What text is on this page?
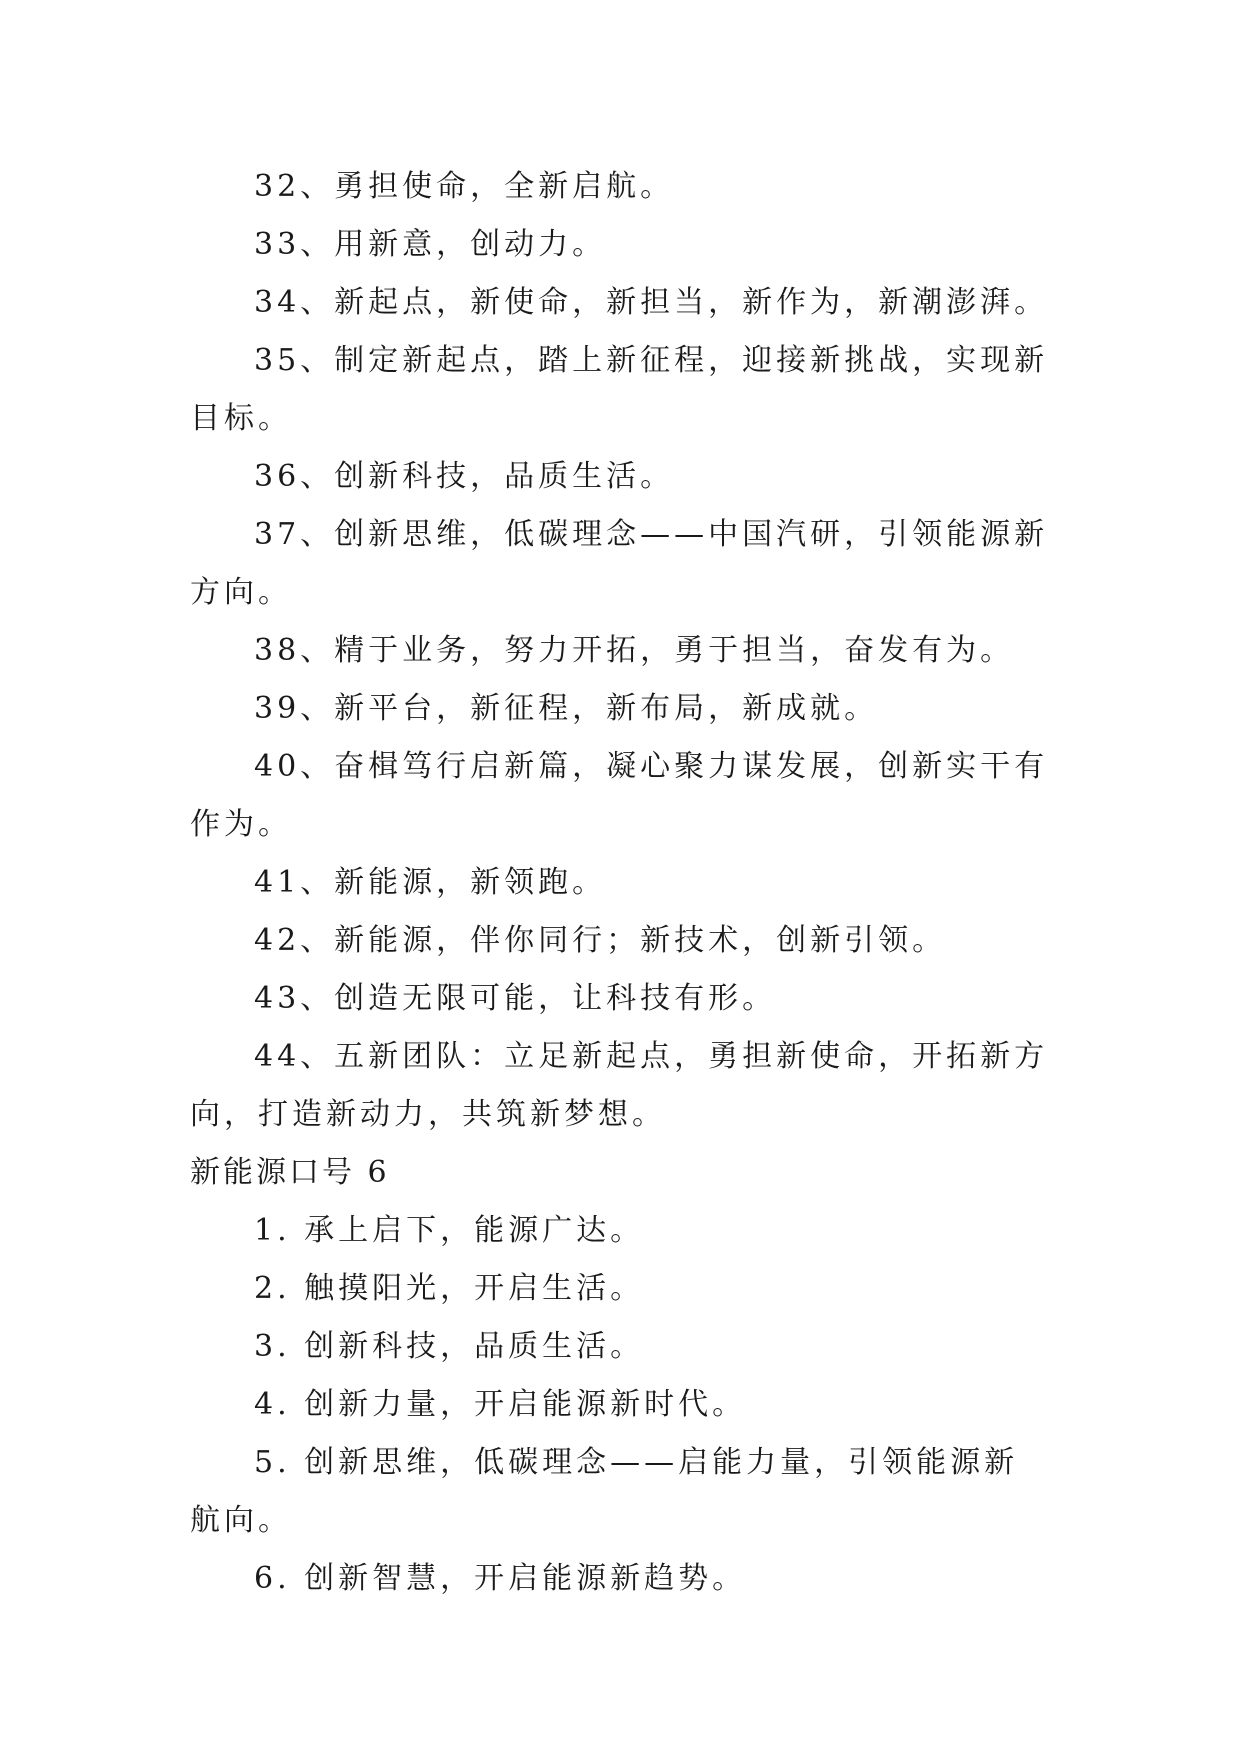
32、勇担使命，全新启航。

33、用新意，创动力。

34、新起点，新使命，新担当，新作为，新潮澎湃。

35、制定新起点，踏上新征程，迎接新挑战，实现新目标。

36、创新科技，品质生活。

37、创新思维，低碳理念——中国汽研，引领能源新方向。

38、精于业务，努力开拓，勇于担当，奋发有为。

39、新平台，新征程，新布局，新成就。

40、奋楫笃行启新篇，凝心聚力谋发展，创新实干有作为。

41、新能源，新领跑。

42、新能源，伴你同行；新技术，创新引领。

43、创造无限可能，让科技有形。

44、五新团队：立足新起点，勇担新使命，开拓新方向，打造新动力，共筑新梦想。

新能源口号 6

1. 承上启下，能源广达。

2. 触摸阳光，开启生活。

3. 创新科技，品质生活。

4. 创新力量，开启能源新时代。

5. 创新思维，低碳理念——启能力量，引领能源新航向。

6. 创新智慧，开启能源新趋势。
